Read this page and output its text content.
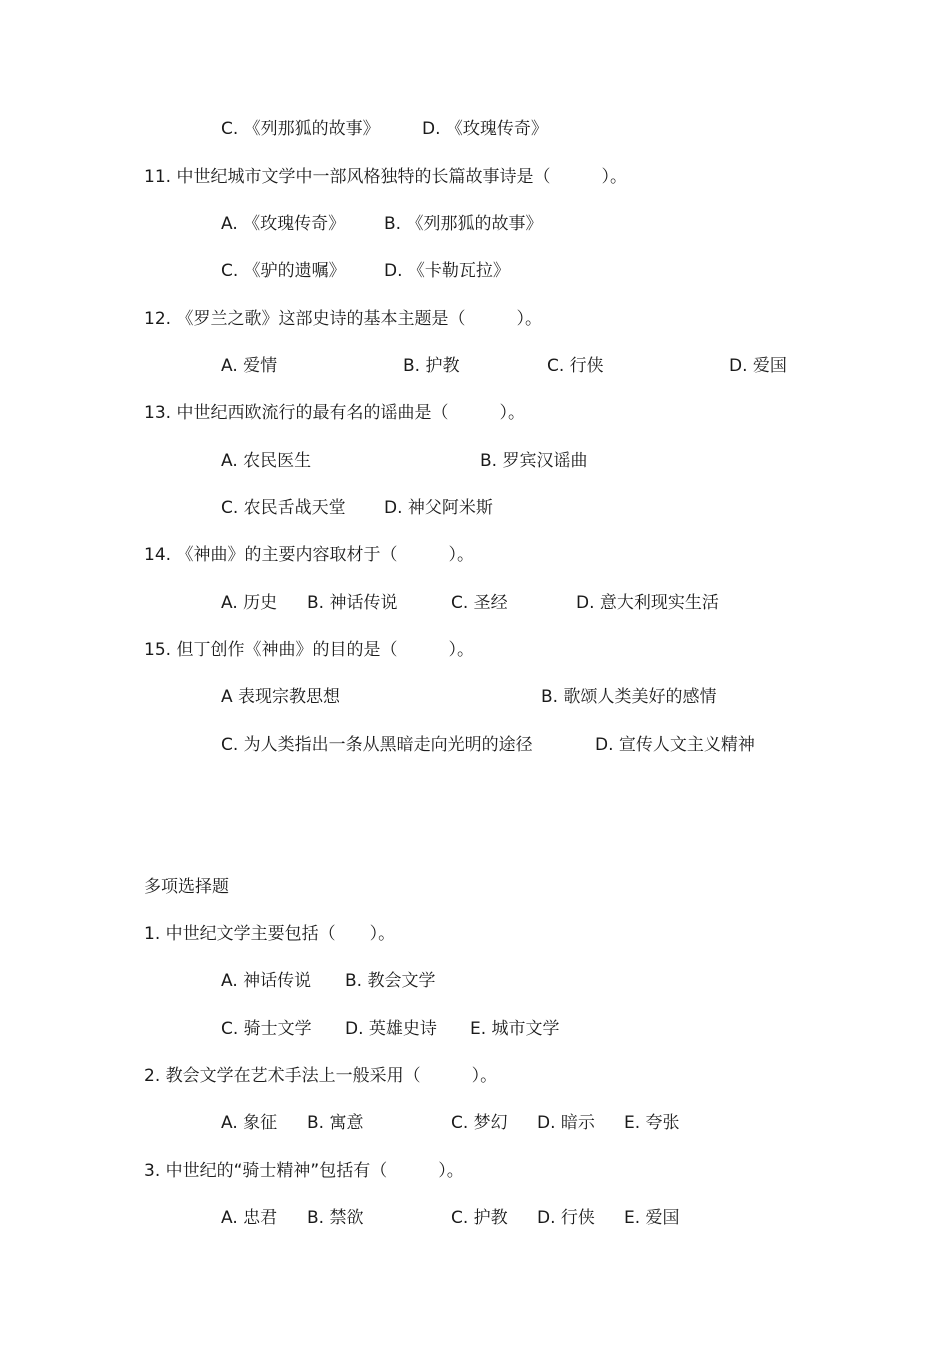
C. 《列那狐的故事》 D. 《玫瑰传奇》
11. 中世纪城市文学中一部风格独特的长篇故事诗是（　　　）。
A. 《玫瑰传奇》 B. 《列那狐的故事》
C. 《驴的遗嘱》 D. 《卡勒瓦拉》
12. 《罗兰之歌》这部史诗的基本主题是（　　　）。
A. 爱情	B. 护教	C. 行侠	D. 爱国
13. 中世纪西欧流行的最有名的谣曲是（　　　）。
A. 农民医生	B. 罗宾汉谣曲
C. 农民舌战天堂 D. 神父阿米斯
14. 《神曲》的主要内容取材于（　　　）。
A. 历史 B. 神话传说	C. 圣经	D. 意大利现实生活
15. 但丁创作《神曲》的目的是（　　　）。
A 表现宗教思想	B. 歌颂人类美好的感情
C. 为人类指出一条从黑暗走向光明的途径	D. 宣传人文主义精神
多项选择题
1. 中世纪文学主要包括（　　）。
A. 神话传说 B. 教会文学
C. 骑士文学 D. 英雄史诗 E. 城市文学
2. 教会文学在艺术手法上一般采用（　　　）。
A. 象征 B. 寓意	C. 梦幻 D. 暗示 E. 夸张
3. 中世纪的“骑士精神”包括有（　　　）。
A. 忠君 B. 禁欲	C. 护教 D. 行侠 E. 爱国
